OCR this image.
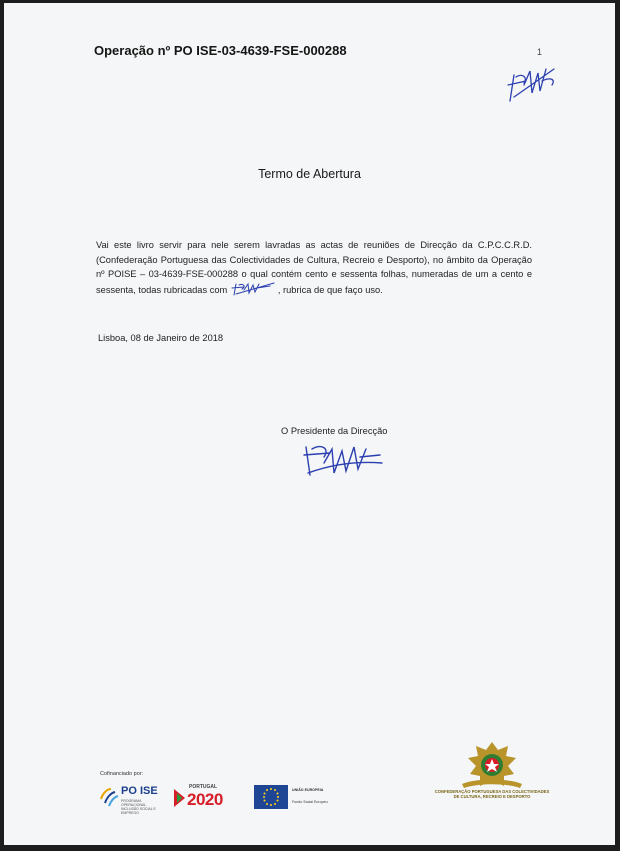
Operação nº PO ISE-03-4639-FSE-000288	1
Termo de Abertura

Vai este livro servir para nele serem lavradas as actas de reuniões de Direcção da C.P.C.C.R.D. (Confederação Portuguesa das Colectividades de Cultura, Recreio e Desporto), no âmbito da Operação nº POISE – 03-4639-FSE-000288 o qual contém cento e sessenta folhas, numeradas de um a cento e sessenta, todas rubricadas com	, rubrica de que faço uso.

Lisboa, 08 de Janeiro de 2018
O Presidente da Direcção
Cofinanciado por:
PO ISE
PROGRAMA OPERACIONAL INCLUSÃO SOCIAL E EMPREGO
PORTUGAL
2020	UNIÃO EUROPEIA
Fundo Social Europeu
CONFEDERAÇÃO PORTUGUESA DAS COLECTIVIDADES DE CULTURA, RECREIO E DESPORTO
